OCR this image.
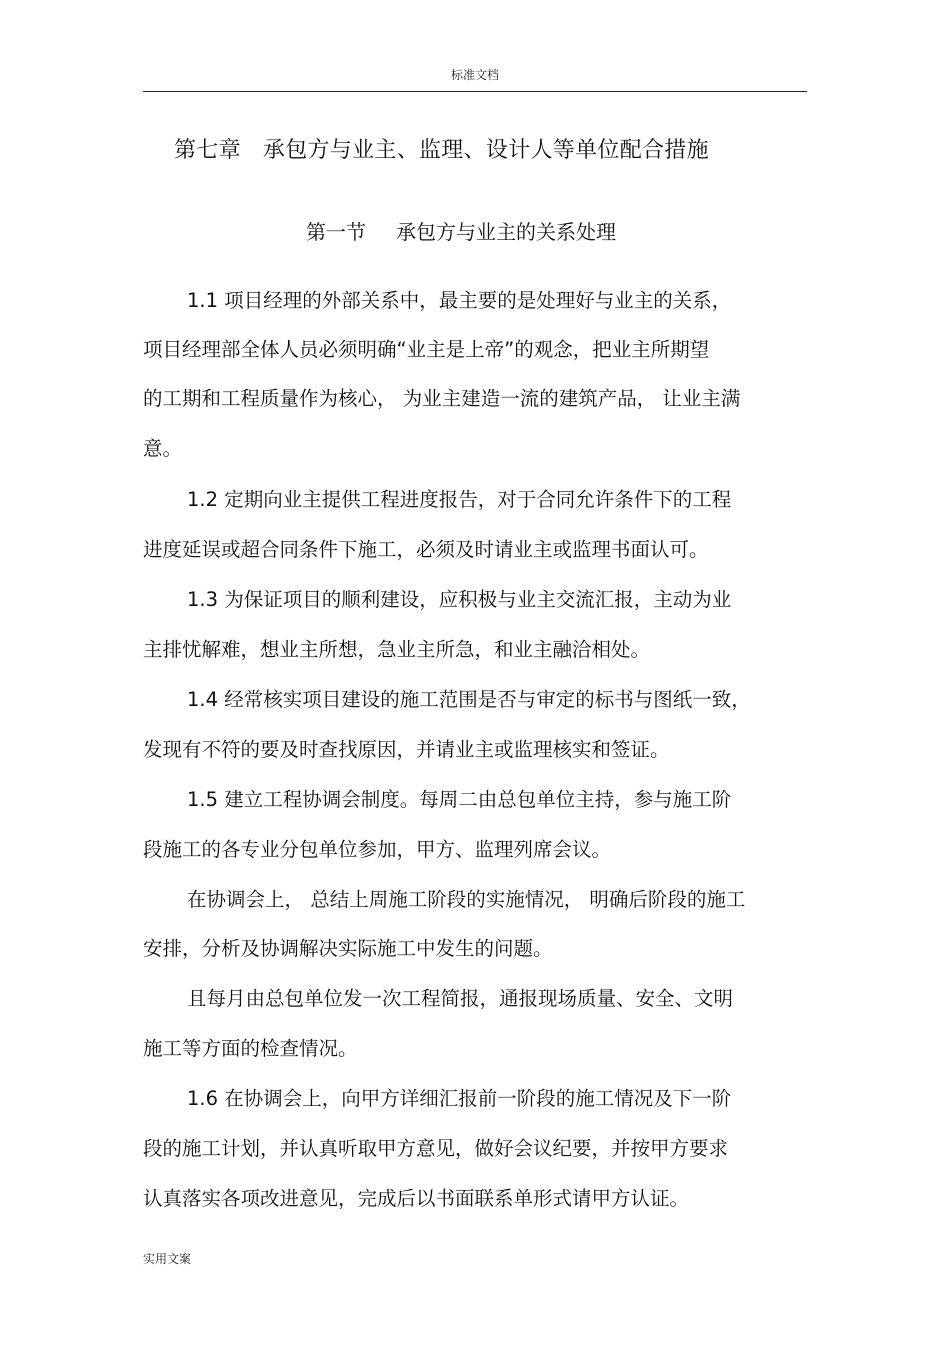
标准文档
第七章 承包方与业主、监理、设计人等单位配合措施
第一节 承包方与业主的关系处理
1.1 项目经理的外部关系中，最主要的是处理好与业主的关系，
项目经理部全体人员必须明确“业主是上帝”的观念，把业主所期望
的工期和工程质量作为核心， 为业主建造一流的建筑产品， 让业主满
意。
1.2 定期向业主提供工程进度报告，对于合同允许条件下的工程
进度延误或超合同条件下施工，必须及时请业主或监理书面认可。
1.3 为保证项目的顺利建设，应积极与业主交流汇报，主动为业
主排忧解难，想业主所想，急业主所急，和业主融洽相处。
1.4 经常核实项目建设的施工范围是否与审定的标书与图纸一致，
发现有不符的要及时查找原因，并请业主或监理核实和签证。
1.5 建立工程协调会制度。每周二由总包单位主持，参与施工阶
段施工的各专业分包单位参加，甲方、监理列席会议。
在协调会上， 总结上周施工阶段的实施情况， 明确后阶段的施工
安排，分析及协调解决实际施工中发生的问题。
且每月由总包单位发一次工程简报，通报现场质量、安全、文明
施工等方面的检查情况。
1.6 在协调会上，向甲方详细汇报前一阶段的施工情况及下一阶
段的施工计划，并认真听取甲方意见，做好会议纪要，并按甲方要求
认真落实各项改进意见，完成后以书面联系单形式请甲方认证。
实用文案
